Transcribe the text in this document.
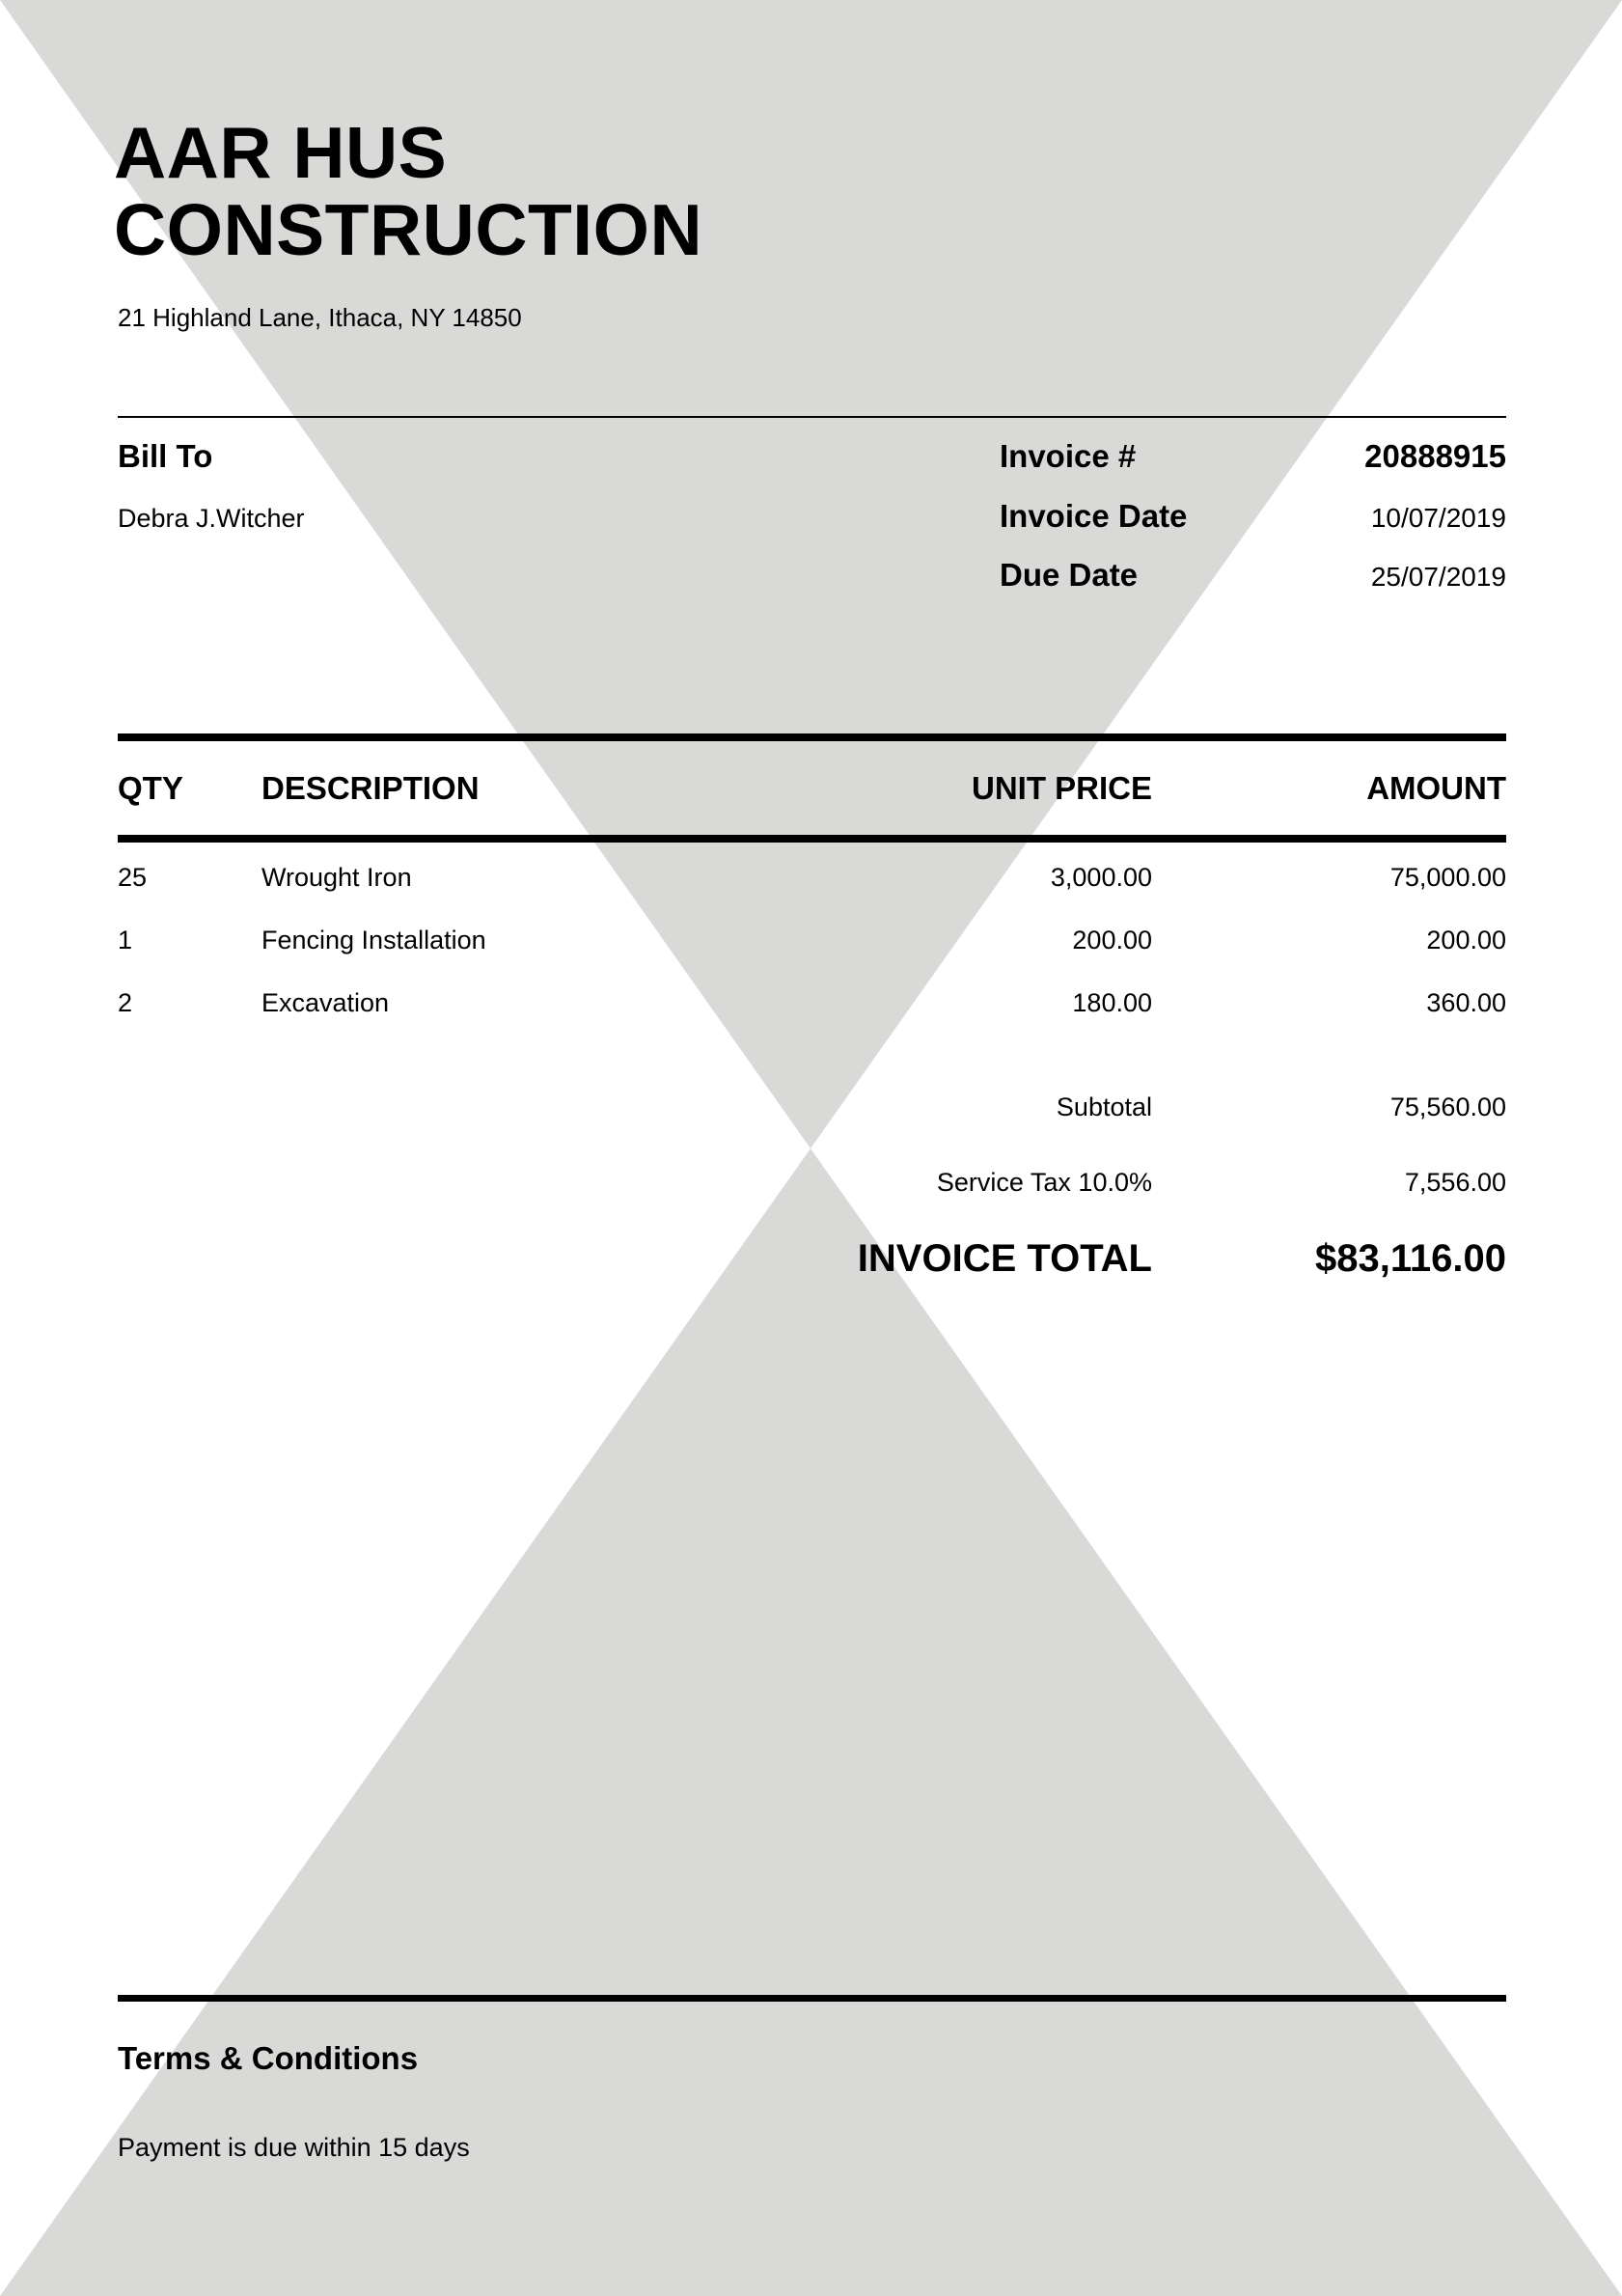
AAR HUS
CONSTRUCTION
21 Highland Lane, Ithaca, NY 14850
Bill To
Debra J.Witcher
Invoice #	20888915
Invoice Date	10/07/2019
Due Date	25/07/2019
QTY DESCRIPTION	UNIT PRICE	AMOUNT
25	Wrought Iron	3,000.00	75,000.00
1	Fencing Installation	200.00	200.00
2	Excavation	180.00	360.00
Subtotal	75,560.00
Service Tax 10.0%	7,556.00
INVOICE TOTAL	$83,116.00
Terms & Conditions
Payment is due within 15 days
